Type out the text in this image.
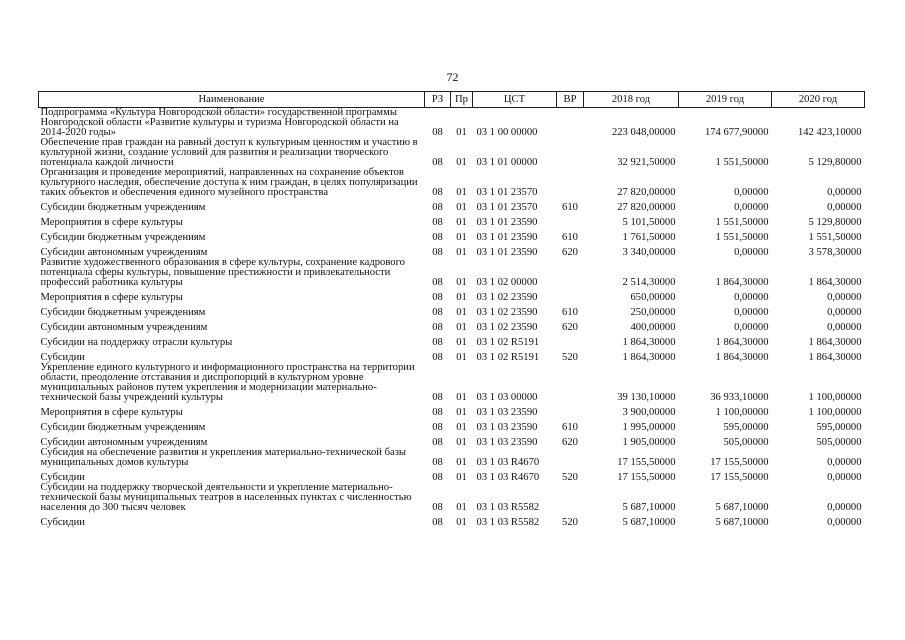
72
Наименование	РЗ	Пр	ЦСТ	ВР	2018 год	2019 год	2020 год
Подпрограмма «Культура Новгородской области» государственной программы Новгородской области «Развитие культуры и туризма Новгородской области на 2014-2020 годы»	08	01	03 1 00 00000		223 048,00000	174 677,90000	142 423,10000
Обеспечение прав граждан на равный доступ к культурным ценностям и участию в культурной жизни, создание условий для развития и реализации творческого потенциала каждой личности	08	01	03 1 01 00000		32 921,50000	1 551,50000	5 129,80000
Организация и проведение мероприятий, направленных на сохранение объектов культурного наследия, обеспечение доступа к ним граждан, в целях популяризации таких объектов и обеспечения единого музейного пространства	08	01	03 1 01 23570		27 820,00000	0,00000	0,00000
Субсидии бюджетным учреждениям	08	01	03 1 01 23570	610	27 820,00000	0,00000	0,00000
Мероприятия в сфере культуры	08	01	03 1 01 23590		5 101,50000	1 551,50000	5 129,80000
Субсидии бюджетным учреждениям	08	01	03 1 01 23590	610	1 761,50000	1 551,50000	1 551,50000
Субсидии автономным учреждениям	08	01	03 1 01 23590	620	3 340,00000	0,00000	3 578,30000
Развитие художественного образования в сфере культуры, сохранение кадрового потенциала сферы культуры, повышение престижности и привлекательности профессий работника культуры	08	01	03 1 02 00000		2 514,30000	1 864,30000	1 864,30000
Мероприятия в сфере культуры	08	01	03 1 02 23590		650,00000	0,00000	0,00000
Субсидии бюджетным учреждениям	08	01	03 1 02 23590	610	250,00000	0,00000	0,00000
Субсидии автономным учреждениям	08	01	03 1 02 23590	620	400,00000	0,00000	0,00000
Субсидии на поддержку отрасли культуры	08	01	03 1 02 R5191		1 864,30000	1 864,30000	1 864,30000
Субсидии	08	01	03 1 02 R5191	520	1 864,30000	1 864,30000	1 864,30000
Укрепление единого культурного и информационного пространства на территории области, преодоление отставания и диспропорций в культурном уровне муниципальных районов путем укрепления и модернизации материально-технической базы учреждений культуры	08	01	03 1 03 00000		39 130,10000	36 933,10000	1 100,00000
Мероприятия в сфере культуры	08	01	03 1 03 23590		3 900,00000	1 100,00000	1 100,00000
Субсидии бюджетным учреждениям	08	01	03 1 03 23590	610	1 995,00000	595,00000	595,00000
Субсидии автономным учреждениям	08	01	03 1 03 23590	620	1 905,00000	505,00000	505,00000
Субсидия на обеспечение развития и укрепления материально-технической базы муниципальных домов культуры	08	01	03 1 03 R4670		17 155,50000	17 155,50000	0,00000
Субсидии	08	01	03 1 03 R4670	520	17 155,50000	17 155,50000	0,00000
Субсидии на поддержку творческой деятельности и укрепление материально-технической базы муниципальных театров в населенных пунктах с численностью населения до 300 тысяч человек	08	01	03 1 03 R5582		5 687,10000	5 687,10000	0,00000
Субсидии	08	01	03 1 03 R5582	520	5 687,10000	5 687,10000	0,00000
